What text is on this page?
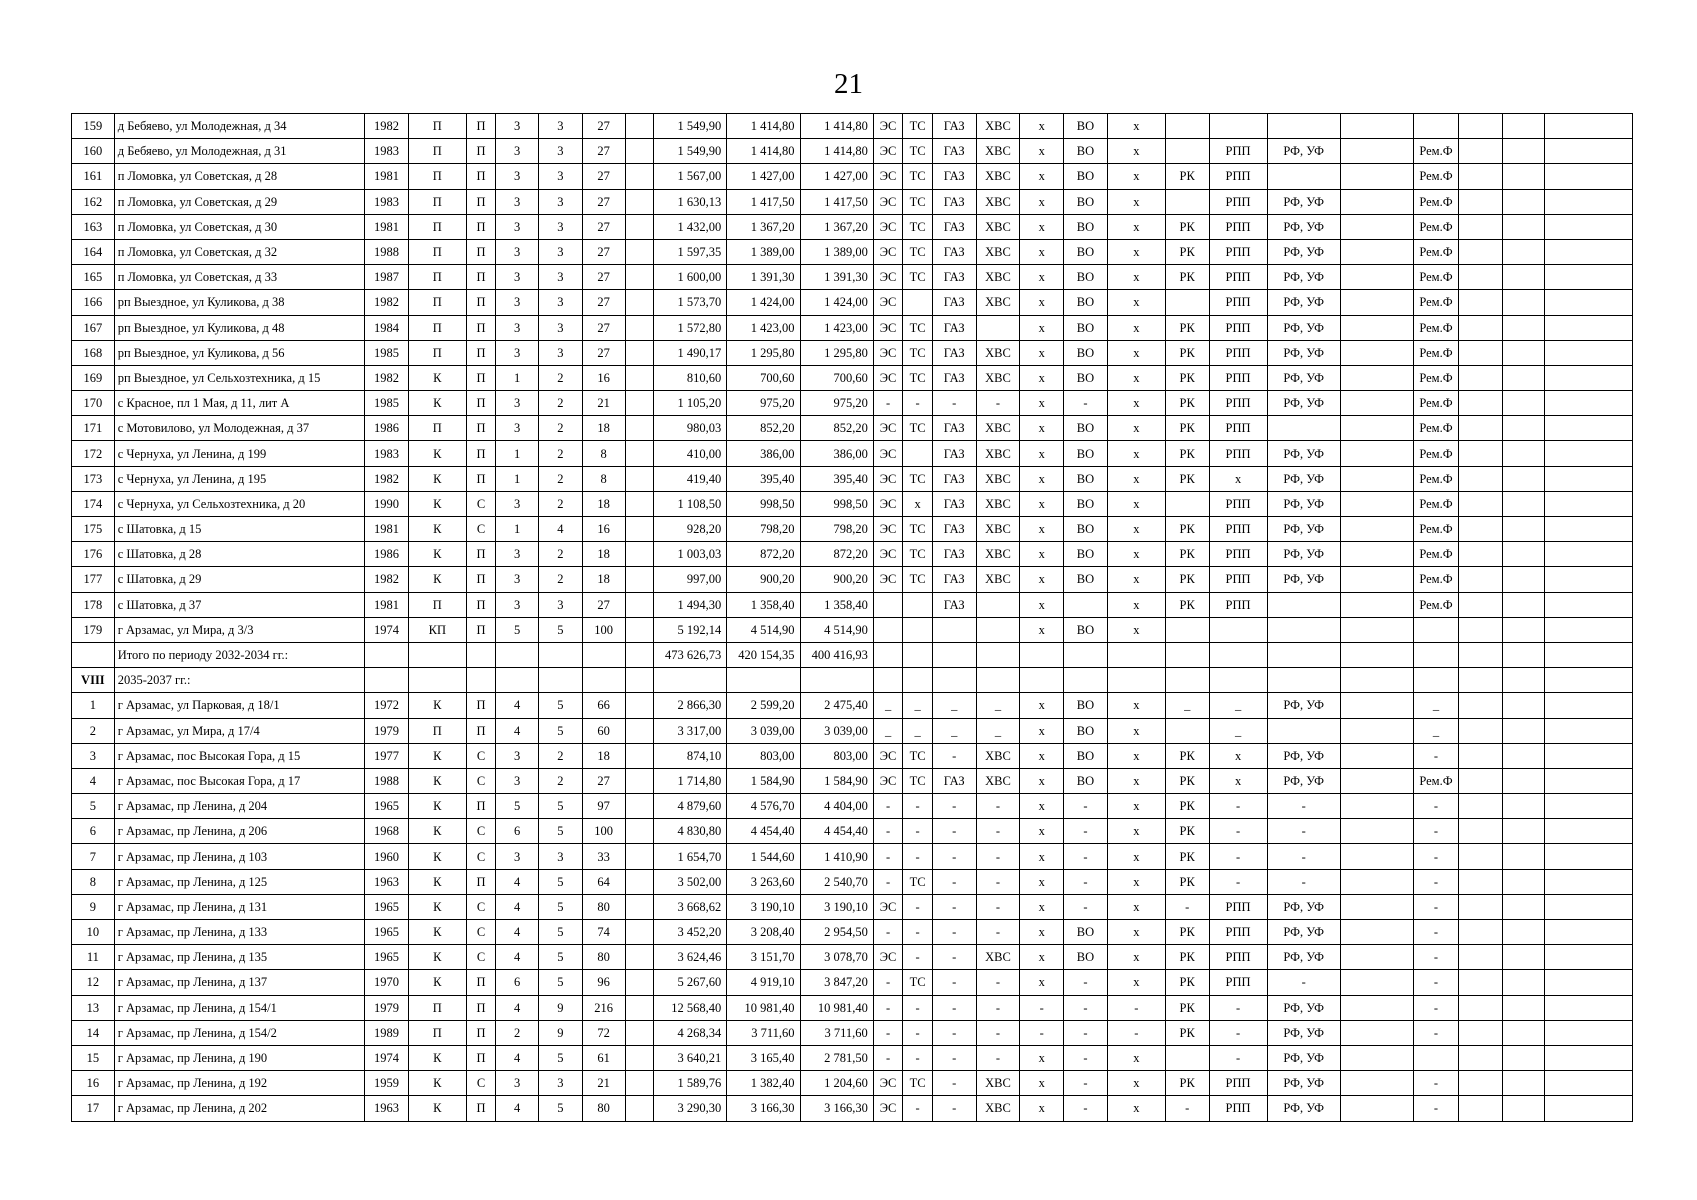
21
159	д Бебяево, ул Молодежная, д 34	1982	П	П	3	3	27		1 549,90	1 414,80	1 414,80	ЭС	ТС	ГАЗ	ХВС	х	ВО	х								
160	д Бебяево, ул Молодежная, д 31	1983	П	П	3	3	27		1 549,90	1 414,80	1 414,80	ЭС	ТС	ГАЗ	ХВС	х	ВО	х		РПП	РФ, УФ		Рем.Ф			
161	п Ломовка, ул Советская, д 28	1981	П	П	3	3	27		1 567,00	1 427,00	1 427,00	ЭС	ТС	ГАЗ	ХВС	х	ВО	х	РК	РПП			Рем.Ф			
162	п Ломовка, ул Советская, д 29	1983	П	П	3	3	27		1 630,13	1 417,50	1 417,50	ЭС	ТС	ГАЗ	ХВС	х	ВО	х		РПП	РФ, УФ		Рем.Ф			
163	п Ломовка, ул Советская, д 30	1981	П	П	3	3	27		1 432,00	1 367,20	1 367,20	ЭС	ТС	ГАЗ	ХВС	х	ВО	х	РК	РПП	РФ, УФ		Рем.Ф			
164	п Ломовка, ул Советская, д 32	1988	П	П	3	3	27		1 597,35	1 389,00	1 389,00	ЭС	ТС	ГАЗ	ХВС	х	ВО	х	РК	РПП	РФ, УФ		Рем.Ф			
165	п Ломовка, ул Советская, д 33	1987	П	П	3	3	27		1 600,00	1 391,30	1 391,30	ЭС	ТС	ГАЗ	ХВС	х	ВО	х	РК	РПП	РФ, УФ		Рем.Ф			
166	рп Выездное, ул Куликова, д 38	1982	П	П	3	3	27		1 573,70	1 424,00	1 424,00	ЭС		ГАЗ	ХВС	х	ВО	х		РПП	РФ, УФ		Рем.Ф			
167	рп Выездное, ул Куликова, д 48	1984	П	П	3	3	27		1 572,80	1 423,00	1 423,00	ЭС	ТС	ГАЗ		х	ВО	х	РК	РПП	РФ, УФ		Рем.Ф			
168	рп Выездное, ул Куликова, д 56	1985	П	П	3	3	27		1 490,17	1 295,80	1 295,80	ЭС	ТС	ГАЗ	ХВС	х	ВО	х	РК	РПП	РФ, УФ		Рем.Ф			
169	рп Выездное, ул Сельхозтехника, д 15	1982	К	П	1	2	16		810,60	700,60	700,60	ЭС	ТС	ГАЗ	ХВС	х	ВО	х	РК	РПП	РФ, УФ		Рем.Ф			
170	с Красное, пл 1 Мая, д 11, лит А	1985	К	П	3	2	21		1 105,20	975,20	975,20	-	-	-	-	х	-	х	РК	РПП	РФ, УФ		Рем.Ф			
171	с Мотовилово, ул Молодежная, д 37	1986	П	П	3	2	18		980,03	852,20	852,20	ЭС	ТС	ГАЗ	ХВС	х	ВО	х	РК	РПП			Рем.Ф			
172	с Чернуха, ул Ленина, д 199	1983	К	П	1	2	8		410,00	386,00	386,00	ЭС		ГАЗ	ХВС	х	ВО	х	РК	РПП	РФ, УФ		Рем.Ф			
173	с Чернуха, ул Ленина, д 195	1982	К	П	1	2	8		419,40	395,40	395,40	ЭС	ТС	ГАЗ	ХВС	х	ВО	х	РК	х	РФ, УФ		Рем.Ф			
174	с Чернуха, ул Сельхозтехника, д 20	1990	К	С	3	2	18		1 108,50	998,50	998,50	ЭС	х	ГАЗ	ХВС	х	ВО	х		РПП	РФ, УФ		Рем.Ф			
175	с Шатовка, д 15	1981	К	С	1	4	16		928,20	798,20	798,20	ЭС	ТС	ГАЗ	ХВС	х	ВО	х	РК	РПП	РФ, УФ		Рем.Ф			
176	с Шатовка, д 28	1986	К	П	3	2	18		1 003,03	872,20	872,20	ЭС	ТС	ГАЗ	ХВС	х	ВО	х	РК	РПП	РФ, УФ		Рем.Ф			
177	с Шатовка, д 29	1982	К	П	3	2	18		997,00	900,20	900,20	ЭС	ТС	ГАЗ	ХВС	х	ВО	х	РК	РПП	РФ, УФ		Рем.Ф			
178	с Шатовка, д 37	1981	П	П	3	3	27		1 494,30	1 358,40	1 358,40			ГАЗ		х		х	РК	РПП			Рем.Ф			
179	г Арзамас, ул Мира, д 3/3	1974	КП	П	5	5	100		5 192,14	4 514,90	4 514,90					х	ВО	х								
	Итого по периоду 2032-2034 гг.:								473 626,73	420 154,35	400 416,93															
VIII	2035-2037 гг.:																									
1	г Арзамас, ул Парковая, д 18/1	1972	К	П	4	5	66		2 866,30	2 599,20	2 475,40	_	_	_	_	х	ВО	х	_	_	РФ, УФ		_			
2	г Арзамас, ул Мира, д 17/4	1979	П	П	4	5	60		3 317,00	3 039,00	3 039,00	_	_	_	_	х	ВО	х		_			_			
3	г Арзамас, пос Высокая Гора, д 15	1977	К	С	3	2	18		874,10	803,00	803,00	ЭС	ТС	-	ХВС	х	ВО	х	РК	х	РФ, УФ		-			
4	г Арзамас, пос Высокая Гора, д 17	1988	К	С	3	2	27		1 714,80	1 584,90	1 584,90	ЭС	ТС	ГАЗ	ХВС	х	ВО	х	РК	х	РФ, УФ		Рем.Ф			
5	г Арзамас, пр Ленина, д 204	1965	К	П	5	5	97		4 879,60	4 576,70	4 404,00	-	-	-	-	х	-	х	РК	-	-		-			
6	г Арзамас, пр Ленина, д 206	1968	К	С	6	5	100		4 830,80	4 454,40	4 454,40	-	-	-	-	х	-	х	РК	-	-		-			
7	г Арзамас, пр Ленина, д 103	1960	К	С	3	3	33		1 654,70	1 544,60	1 410,90	-	-	-	-	х	-	х	РК	-	-		-			
8	г Арзамас, пр Ленина, д 125	1963	К	П	4	5	64		3 502,00	3 263,60	2 540,70	-	ТС	-	-	х	-	х	РК	-	-		-			
9	г Арзамас, пр Ленина, д 131	1965	К	С	4	5	80		3 668,62	3 190,10	3 190,10	ЭС	-	-	-	х	-	х	-	РПП	РФ, УФ		-			
10	г Арзамас, пр Ленина, д 133	1965	К	С	4	5	74		3 452,20	3 208,40	2 954,50	-	-	-	-	х	ВО	х	РК	РПП	РФ, УФ		-			
11	г Арзамас, пр Ленина, д 135	1965	К	С	4	5	80		3 624,46	3 151,70	3 078,70	ЭС	-	-	ХВС	х	ВО	х	РК	РПП	РФ, УФ		-			
12	г Арзамас, пр Ленина, д 137	1970	К	П	6	5	96		5 267,60	4 919,10	3 847,20	-	ТС	-	-	х	-	х	РК	РПП	-		-			
13	г Арзамас, пр Ленина, д 154/1	1979	П	П	4	9	216		12 568,40	10 981,40	10 981,40	-	-	-	-	-	-	-	РК	-	РФ, УФ		-			
14	г Арзамас, пр Ленина, д 154/2	1989	П	П	2	9	72		4 268,34	3 711,60	3 711,60	-	-	-	-	-	-	-	РК	-	РФ, УФ		-			
15	г Арзамас, пр Ленина, д 190	1974	К	П	4	5	61		3 640,21	3 165,40	2 781,50	-	-	-	-	х	-	х		-	РФ, УФ					
16	г Арзамас, пр Ленина, д 192	1959	К	С	3	3	21		1 589,76	1 382,40	1 204,60	ЭС	ТС	-	ХВС	х	-	х	РК	РПП	РФ, УФ		-			
17	г Арзамас, пр Ленина, д 202	1963	К	П	4	5	80		3 290,30	3 166,30	3 166,30	ЭС	-	-	ХВС	х	-	х	-	РПП	РФ, УФ		-			
